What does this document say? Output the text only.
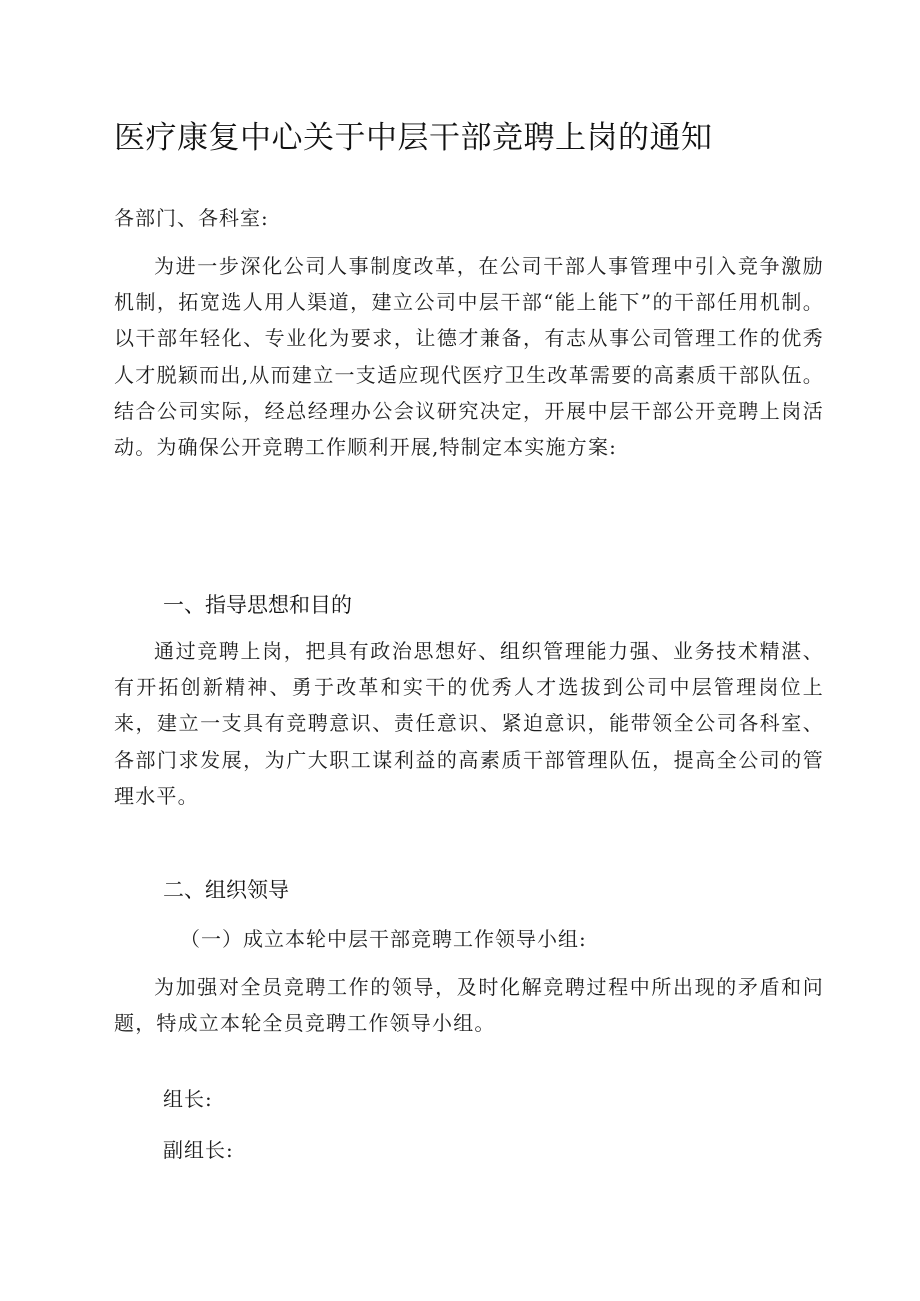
医疗康复中心关于中层干部竞聘上岗的通知
各部门、各科室:
为进一步深化公司人事制度改革，在公司干部人事管理中引入竞争激励机制，拓宽选人用人渠道，建立公司中层干部“能上能下”的干部任用机制。以干部年轻化、专业化为要求，让德才兼备，有志从事公司管理工作的优秀人才脱颖而出,从而建立一支适应现代医疗卫生改革需要的高素质干部队伍。结合公司实际，经总经理办公会议研究决定，开展中层干部公开竞聘上岗活动。为确保公开竞聘工作顺利开展,特制定本实施方案:
一、指导思想和目的
通过竞聘上岗，把具有政治思想好、组织管理能力强、业务技术精湛、有开拓创新精神、勇于改革和实干的优秀人才选拔到公司中层管理岗位上来，建立一支具有竞聘意识、责任意识、紧迫意识，能带领全公司各科室、各部门求发展，为广大职工谋利益的高素质干部管理队伍，提高全公司的管理水平。
二、组织领导
（一）成立本轮中层干部竞聘工作领导小组:
为加强对全员竞聘工作的领导，及时化解竞聘过程中所出现的矛盾和问题，特成立本轮全员竞聘工作领导小组。
组长:
副组长:
